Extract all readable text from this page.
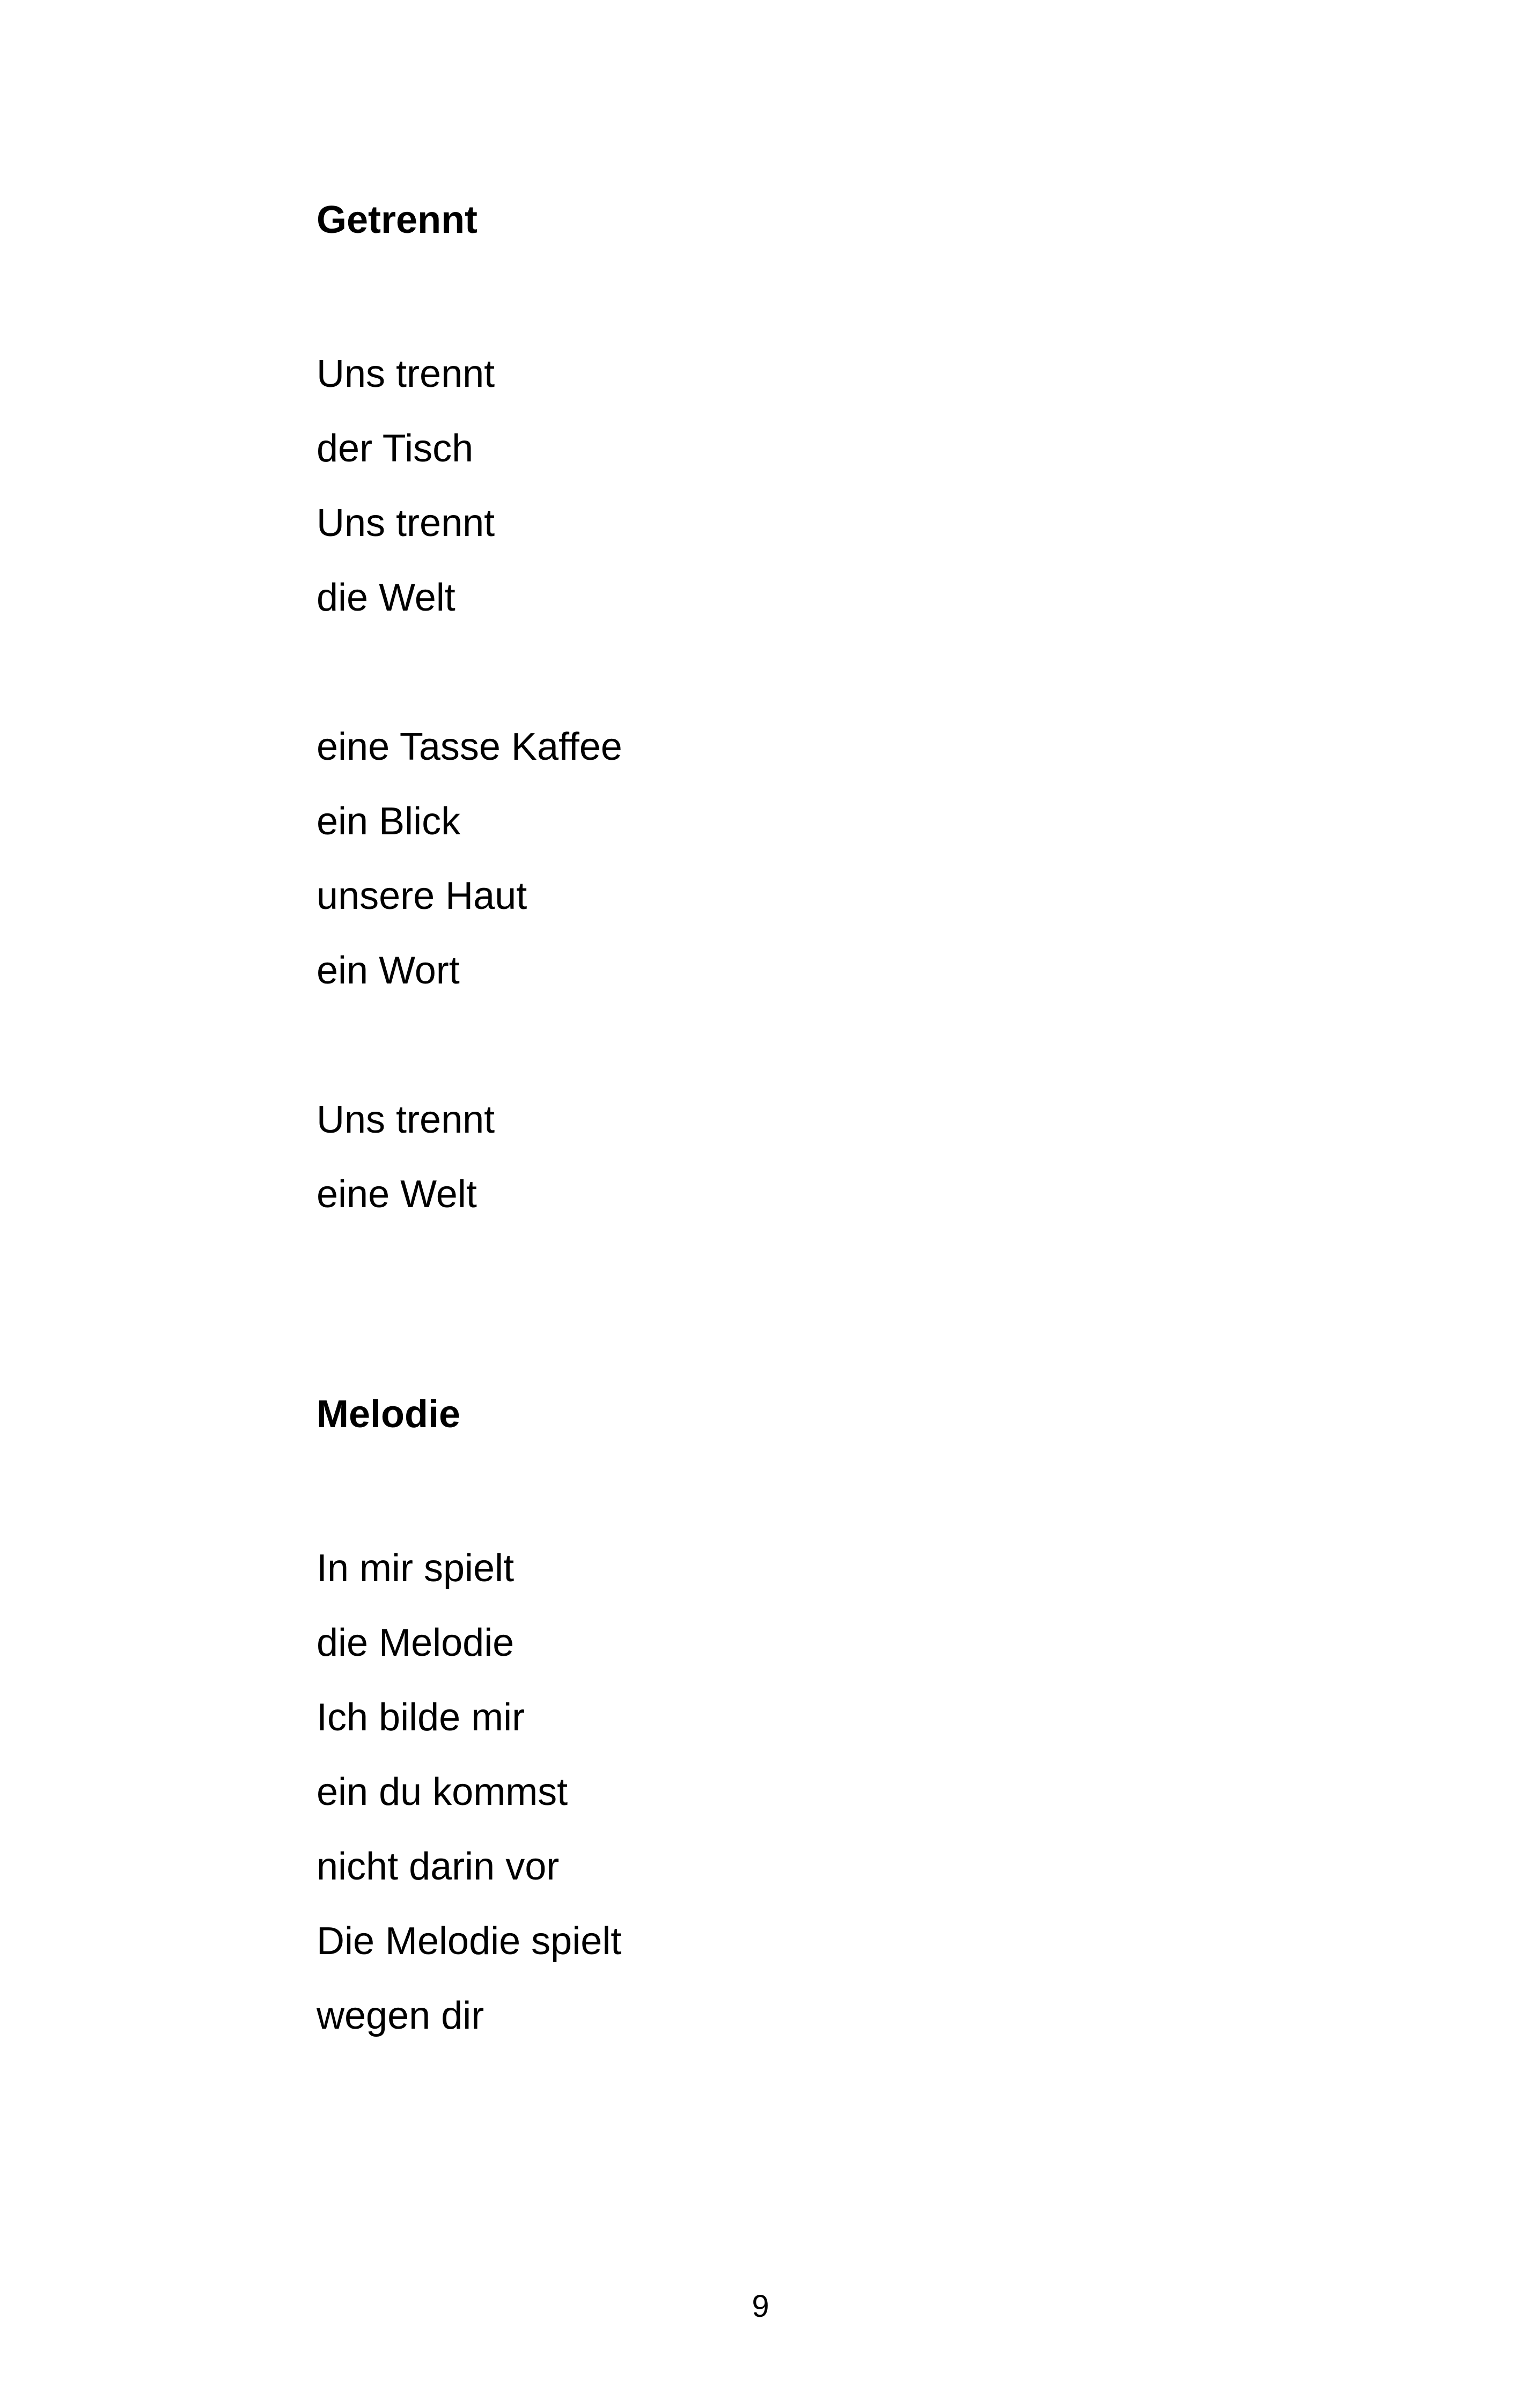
Getrennt
Uns trennt
der Tisch
Uns trennt
die Welt
eine Tasse Kaffee
ein Blick
unsere Haut
ein Wort
Uns trennt
eine Welt
Melodie
In mir spielt
die Melodie
Ich bilde mir
ein du kommst
nicht darin vor
Die Melodie spielt
wegen dir
9
